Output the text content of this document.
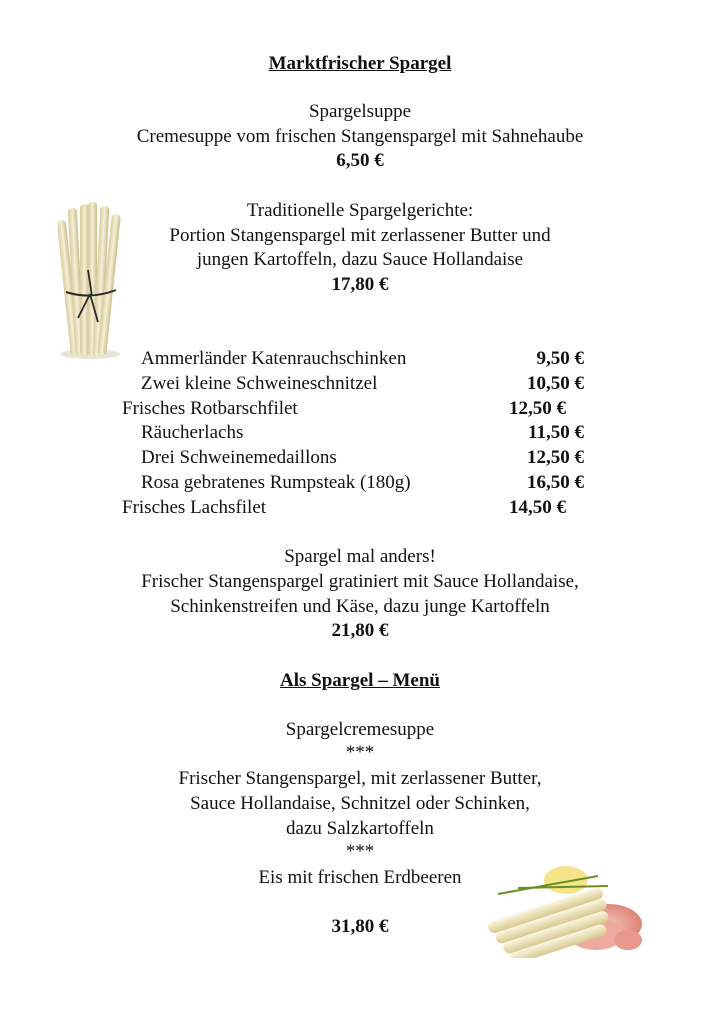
Marktfrischer Spargel
Spargelsuppe
Cremesuppe vom frischen Stangenspargel mit Sahnehaube
6,50 €
Traditionelle Spargelgerichte:
Portion Stangenspargel mit zerlassener Butter und
jungen Kartoffeln, dazu Sauce Hollandaise
17,80 €
Ammerländer Katenrauchschinken	9,50 €
Zwei kleine Schweineschnitzel	10,50 €
Frisches Rotbarschfilet	12,50 €
Räucherlachs	11,50 €
Drei Schweinemedaillons	12,50 €
Rosa gebratenes Rumpsteak (180g)	16,50 €
Frisches Lachsfilet	14,50 €
Spargel mal anders!
Frischer Stangenspargel gratiniert mit Sauce Hollandaise,
Schinkenstreifen und Käse, dazu junge Kartoffeln
21,80 €
Als Spargel – Menü
Spargelcremesuppe
***
Frischer Stangenspargel, mit zerlassener Butter,
Sauce Hollandaise, Schnitzel oder Schinken,
dazu Salzkartoffeln
***
Eis mit frischen Erdbeeren
31,80 €
